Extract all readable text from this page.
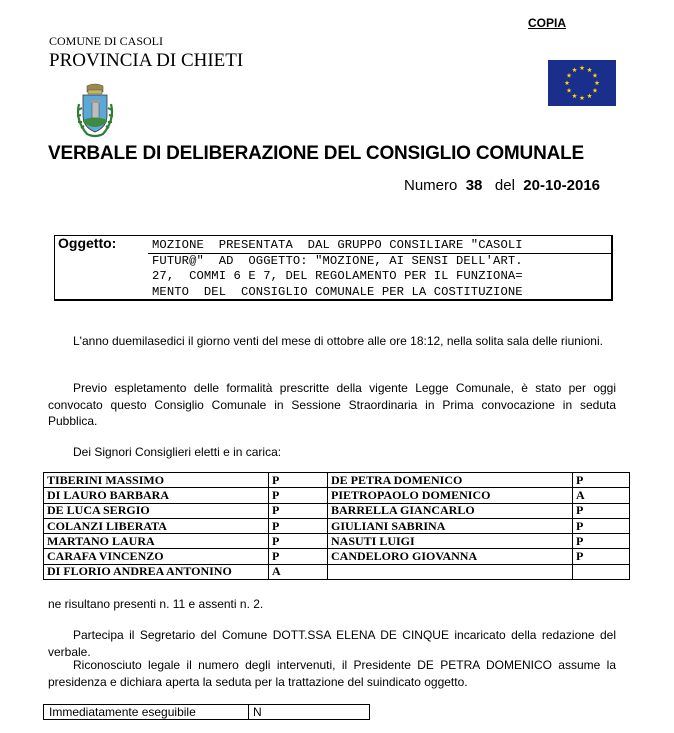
COPIA
COMUNE DI CASOLI
PROVINCIA DI CHIETI
VERBALE DI DELIBERAZIONE DEL CONSIGLIO COMUNALE
Numero 38 del 20-10-2016
Oggetto:	MOZIONE  PRESENTATA  DAL GRUPPO CONSILIARE "CASOLI
FUTUR@"  AD  OGGETTO: "MOZIONE, AI SENSI DELL'ART.
27,  COMMI 6 E 7, DEL REGOLAMENTO PER IL FUNZIONA=
MENTO  DEL  CONSIGLIO COMUNALE PER LA COSTITUZIONE
L'anno duemilasedici il giorno venti del mese di ottobre alle ore 18:12, nella solita sala delle riunioni.
Previo espletamento delle formalità prescritte della vigente Legge Comunale, è stato per oggi convocato questo Consiglio Comunale in Sessione Straordinaria in Prima convocazione in seduta Pubblica.
Dei Signori Consiglieri eletti e in carica:
TIBERINI MASSIMO	P	DE PETRA DOMENICO	P
DI LAURO BARBARA	P	PIETROPAOLO DOMENICO	A
DE LUCA SERGIO	P	BARRELLA GIANCARLO	P
COLANZI LIBERATA	P	GIULIANI SABRINA	P
MARTANO LAURA	P	NASUTI LUIGI	P
CARAFA VINCENZO	P	CANDELORO GIOVANNA	P
DI FLORIO ANDREA ANTONINO	A		
ne risultano presenti n. 11 e assenti n. 2.
Partecipa il Segretario del Comune DOTT.SSA ELENA DE CINQUE incaricato della redazione del verbale.
Riconosciuto legale il numero degli intervenuti, il Presidente DE PETRA DOMENICO assume la presidenza e dichiara aperta la seduta per la trattazione del suindicato oggetto.
Immediatamente eseguibile	N
